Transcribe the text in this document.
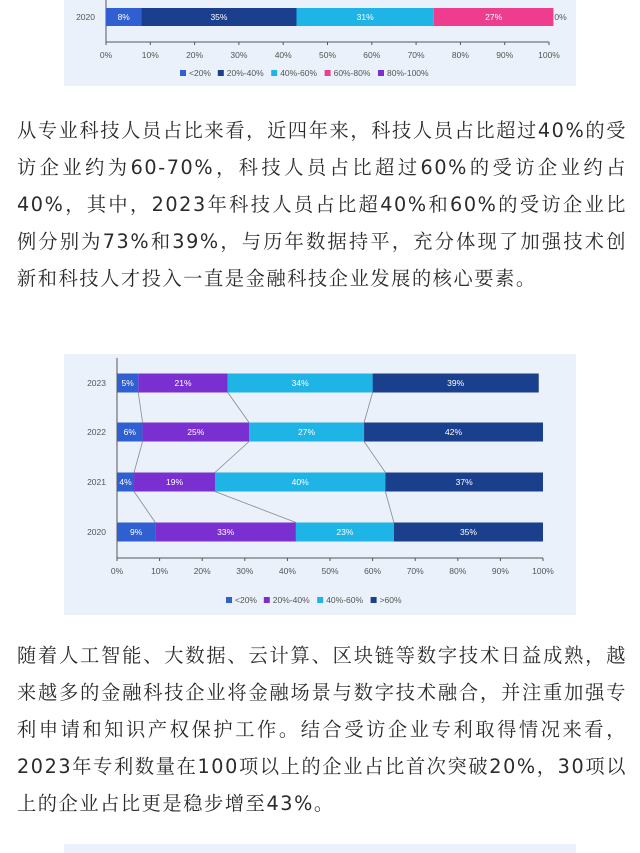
0%	10%	20%	30%	40%	50%	60%	70%	80%	90%	100%
2020	8%	35%	31%	27%	0%
<20% 20%-40% 40%-60% 60%-80% 80%-100%

从专业科技人员占比来看，近四年来，科技人员占比超过40%的受访企业约为60-70%，科技人员占比超过60%的受访企业约占40%，其中，2023年科技人员占比超40%和60%的受访企业比例分别为73%和39%，与历年数据持平，充分体现了加强技术创新和科技人才投入一直是金融科技企业发展的核心要素。

0%	10%	20%	30%	40%	50%	60%	70%	80%	90%	100%
2023 5%	21%	34%	39%
2022 6%	25%	27%	42%
2021 4%	19%	40%	37%
2020	9%	33%	23%	35%
<20% 20%-40% 40%-60% >60%

随着人工智能、大数据、云计算、区块链等数字技术日益成熟，越来越多的金融科技企业将金融场景与数字技术融合，并注重加强专利申请和知识产权保护工作。结合受访企业专利取得情况来看，2023年专利数量在100项以上的企业占比首次突破20%，30项以上的企业占比更是稳步增至43%。
